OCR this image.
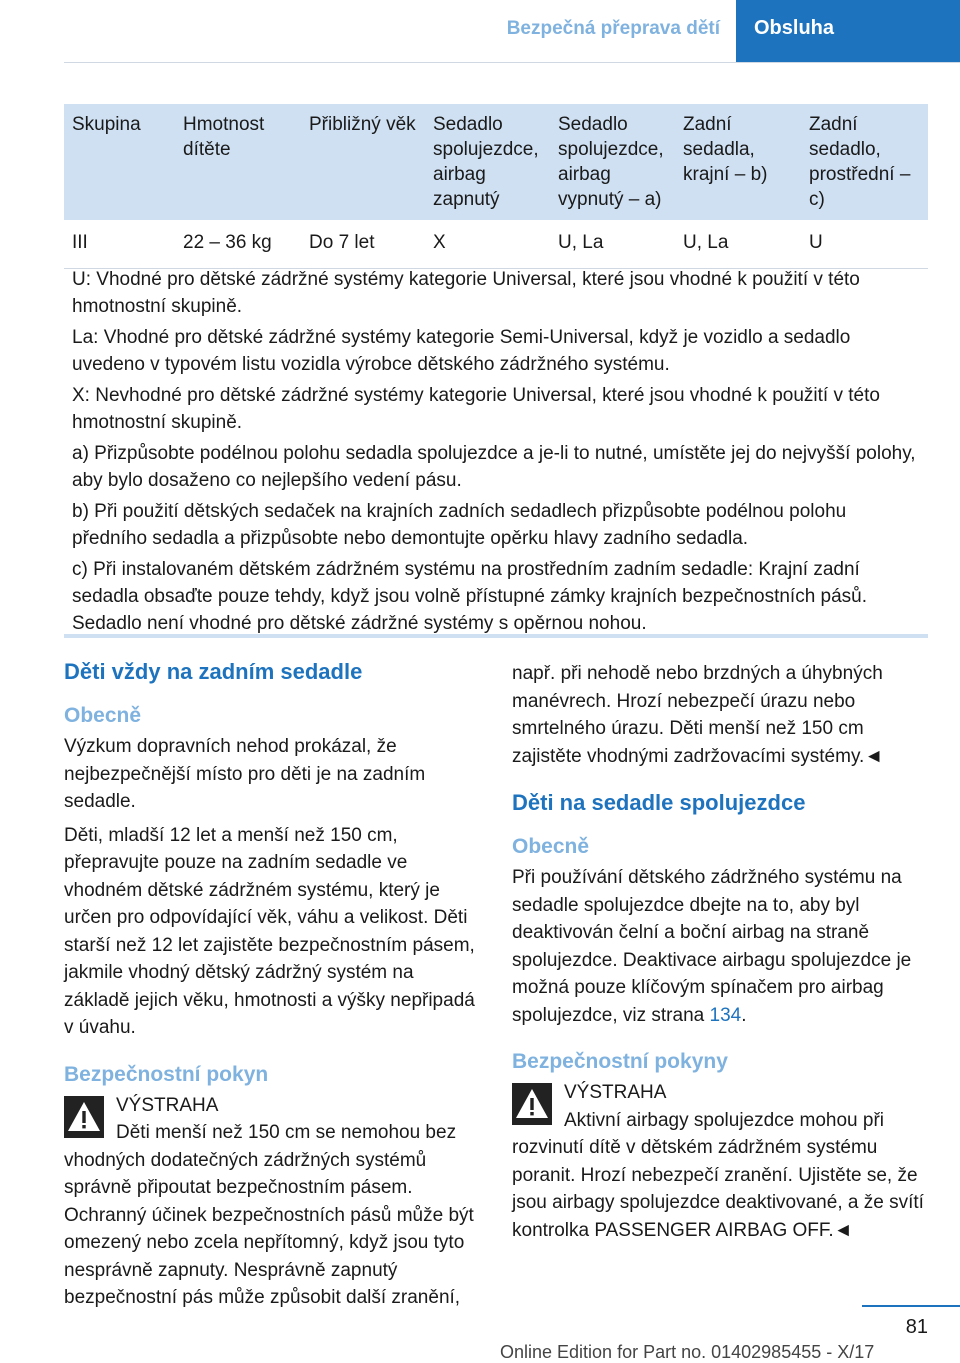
Bezpečná přeprava dětí	Obsluha
Skupina	Hmotnost dítěte	Přibližný věk	Sedadlo spolujezdce, airbag zapnutý	Sedadlo spolujezdce, airbag vypnutý – a)	Zadní sedadla, krajní – b)	Zadní sedadlo, prostřední – c)
III	22 – 36 kg	Do 7 let	X	U, La	U, La	U

U: Vhodné pro dětské zádržné systémy kategorie Universal, které jsou vhodné k použití v této hmotnostní skupině.

La: Vhodné pro dětské zádržné systémy kategorie Semi-Universal, když je vozidlo a sedadlo uvedeno v typovém listu vozidla výrobce dětského zádržného systému.

X: Nevhodné pro dětské zádržné systémy kategorie Universal, které jsou vhodné k použití v této hmotnostní skupině.

a) Přizpůsobte podélnou polohu sedadla spolujezdce a je-li to nutné, umístěte jej do nejvyšší polohy, aby bylo dosaženo co nejlepšího vedení pásu.

b) Při použití dětských sedaček na krajních zadních sedadlech přizpůsobte podélnou polohu předního sedadla a přizpůsobte nebo demontujte opěrku hlavy zadního sedadla.

c) Při instalovaném dětském zádržném systému na prostředním zadním sedadle: Krajní zadní sedadla obsaďte pouze tehdy, když jsou volně přístupné zámky krajních bezpečnostních pásů. Sedadlo není vhodné pro dětské zádržné systémy s opěrnou nohou.

Děti vždy na zadním sedadle
Obecně

Výzkum dopravních nehod prokázal, že nejbezpečnější místo pro děti je na zadním sedadle.

Děti, mladší 12 let a menší než 150 cm, přepravujte pouze na zadním sedadle ve vhodném dětské zádržném systému, který je určen pro odpovídající věk, váhu a velikost. Děti starší než 12 let zajistěte bezpečnostním pásem, jakmile vhodný dětský zádržný systém na základě jejich věku, hmotnosti a výšky nepřipadá v úvahu.

Bezpečnostní pokyn
VÝSTRAHA

Děti menší než 150 cm se nemohou bez vhodných dodatečných zádržných systémů správně připoutat bezpečnostním pásem. Ochranný účinek bezpečnostních pásů může být omezený nebo zcela nepřítomný, když jsou tyto nesprávně zapnuty. Nesprávně zapnutý bezpečnostní pás může způsobit další zranění,

např. při nehodě nebo brzdných a úhybných manévrech. Hrozí nebezpečí úrazu nebo smrtelného úrazu. Děti menší než 150 cm zajistěte vhodnými zadržovacími systémy.◄

Děti na sedadle spolujezdce
Obecně

Při používání dětského zádržného systému na sedadle spolujezdce dbejte na to, aby byl deaktivován čelní a boční airbag na straně spolujezdce. Deaktivace airbagu spolujezdce je možná pouze klíčovým spínačem pro airbag spolujezdce, viz strana 134.

Bezpečnostní pokyny
VÝSTRAHA

Aktivní airbagy spolujezdce mohou při rozvinutí dítě v dětském zádržném systému poranit. Hrozí nebezpečí zranění. Ujistěte se, že jsou airbagy spolujezdce deaktivované, a že svítí kontrolka PASSENGER AIRBAG OFF.◄

81
Online Edition for Part no. 01402985455 - X/17
